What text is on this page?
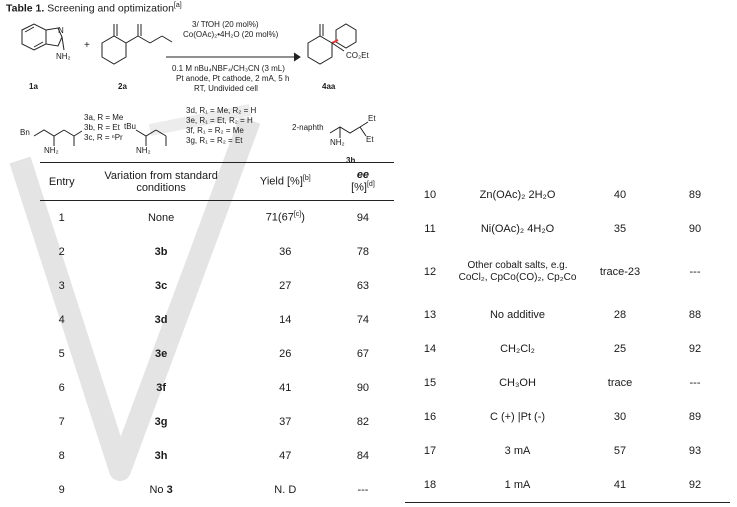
Table 1. Screening and optimization[a]
NH₂
N
1a
+
2a
3/ TfOH (20 mol%)
Co(OAc)₂•4H₂O (20 mol%)
0.1 M nBu₄NBF₄/CH₃CN (3 mL)
Pt anode, Pt cathode, 2 mA, 5 h
RT, Undivided cell
CO₂Et
4aa
Bn
NH₂
3a, R = Me
3b, R = Et
3c, R = ⁿPr
tBu
NH₂
3d, R₁ = Me, R₂ = H
3e, R₁ = Et, R₂ = H
3f, R₁ = R₂ = Me
3g, R₁ = R₂ = Et
2-naphth
Et
Et
NH₂
3h
Entry	Variation from standard conditions	Yield [%][b]	ee
[%][d]
1	None	71(67[c])	94
2	3b	36	78
3	3c	27	63
4	3d	14	74
5	3e	26	67
6	3f	41	90
7	3g	37	82
8	3h	47	84
9	No 3	N. D	---
10	Zn(OAc)₂ 2H₂O	40	89
11	Ni(OAc)₂ 4H₂O	35	90
12	Other cobalt salts, e.g. CoCl₂, CpCo(CO)₂, Cp₂Co	trace-23	---
13	No additive	28	88
14	CH₂Cl₂	25	92
15	CH₃OH	trace	---
16	C (+) |Pt (-)	30	89
17	3 mA	57	93
18	1 mA	41	92
